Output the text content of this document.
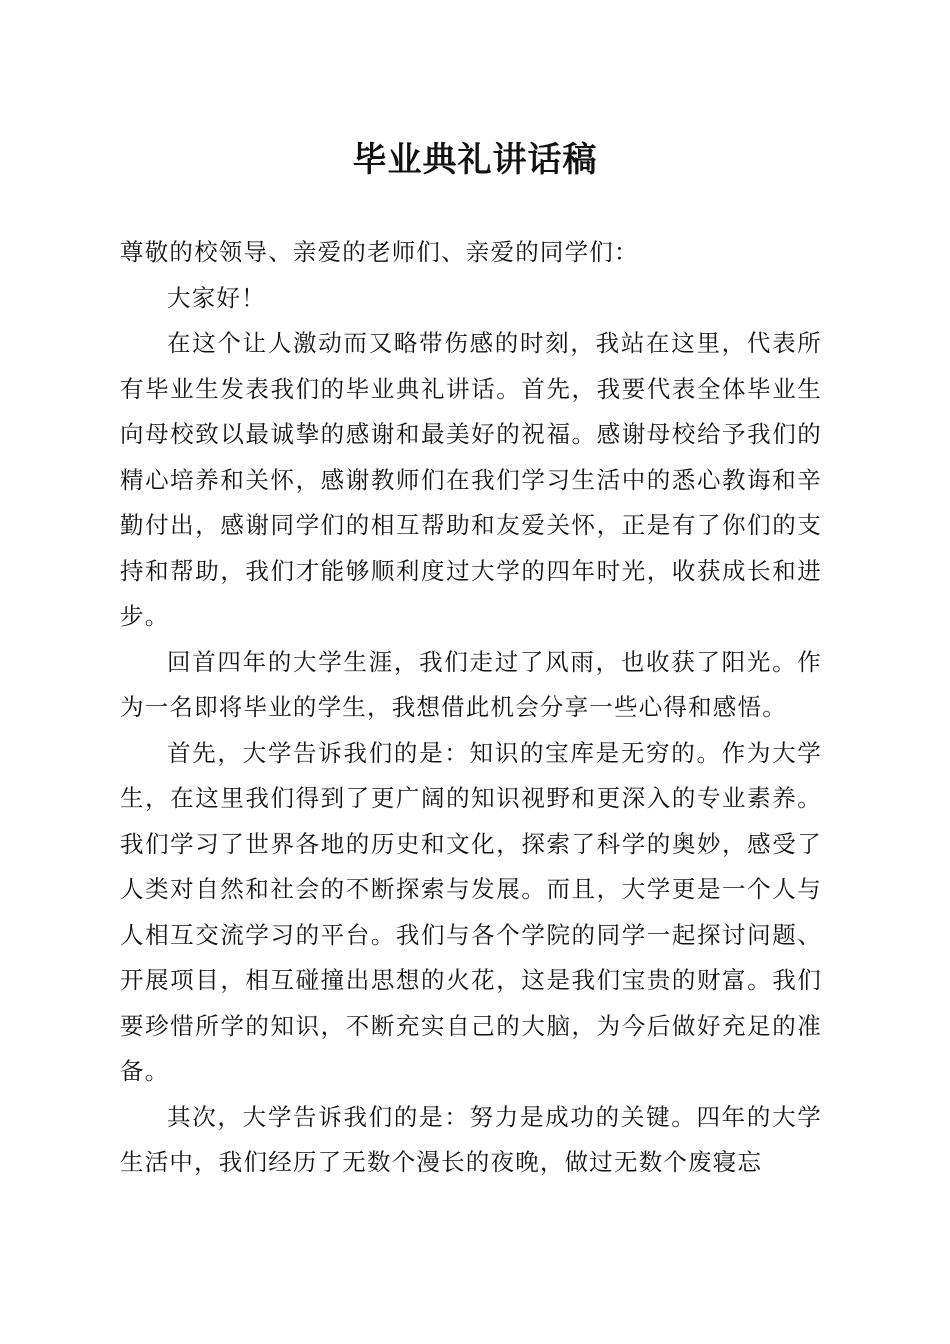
毕业典礼讲话稿

尊敬的校领导、亲爱的老师们、亲爱的同学们：

大家好！

在这个让人激动而又略带伤感的时刻，我站在这里，代表所有毕业生发表我们的毕业典礼讲话。首先，我要代表全体毕业生向母校致以最诚挚的感谢和最美好的祝福。感谢母校给予我们的精心培养和关怀，感谢教师们在我们学习生活中的悉心教诲和辛勤付出，感谢同学们的相互帮助和友爱关怀，正是有了你们的支持和帮助，我们才能够顺利度过大学的四年时光，收获成长和进步。

回首四年的大学生涯，我们走过了风雨，也收获了阳光。作为一名即将毕业的学生，我想借此机会分享一些心得和感悟。

首先，大学告诉我们的是：知识的宝库是无穷的。作为大学生，在这里我们得到了更广阔的知识视野和更深入的专业素养。我们学习了世界各地的历史和文化，探索了科学的奥妙，感受了人类对自然和社会的不断探索与发展。而且，大学更是一个人与人相互交流学习的平台。我们与各个学院的同学一起探讨问题、开展项目，相互碰撞出思想的火花，这是我们宝贵的财富。我们要珍惜所学的知识，不断充实自己的大脑，为今后做好充足的准备。

其次，大学告诉我们的是：努力是成功的关键。四年的大学生活中，我们经历了无数个漫长的夜晚，做过无数个废寝忘
